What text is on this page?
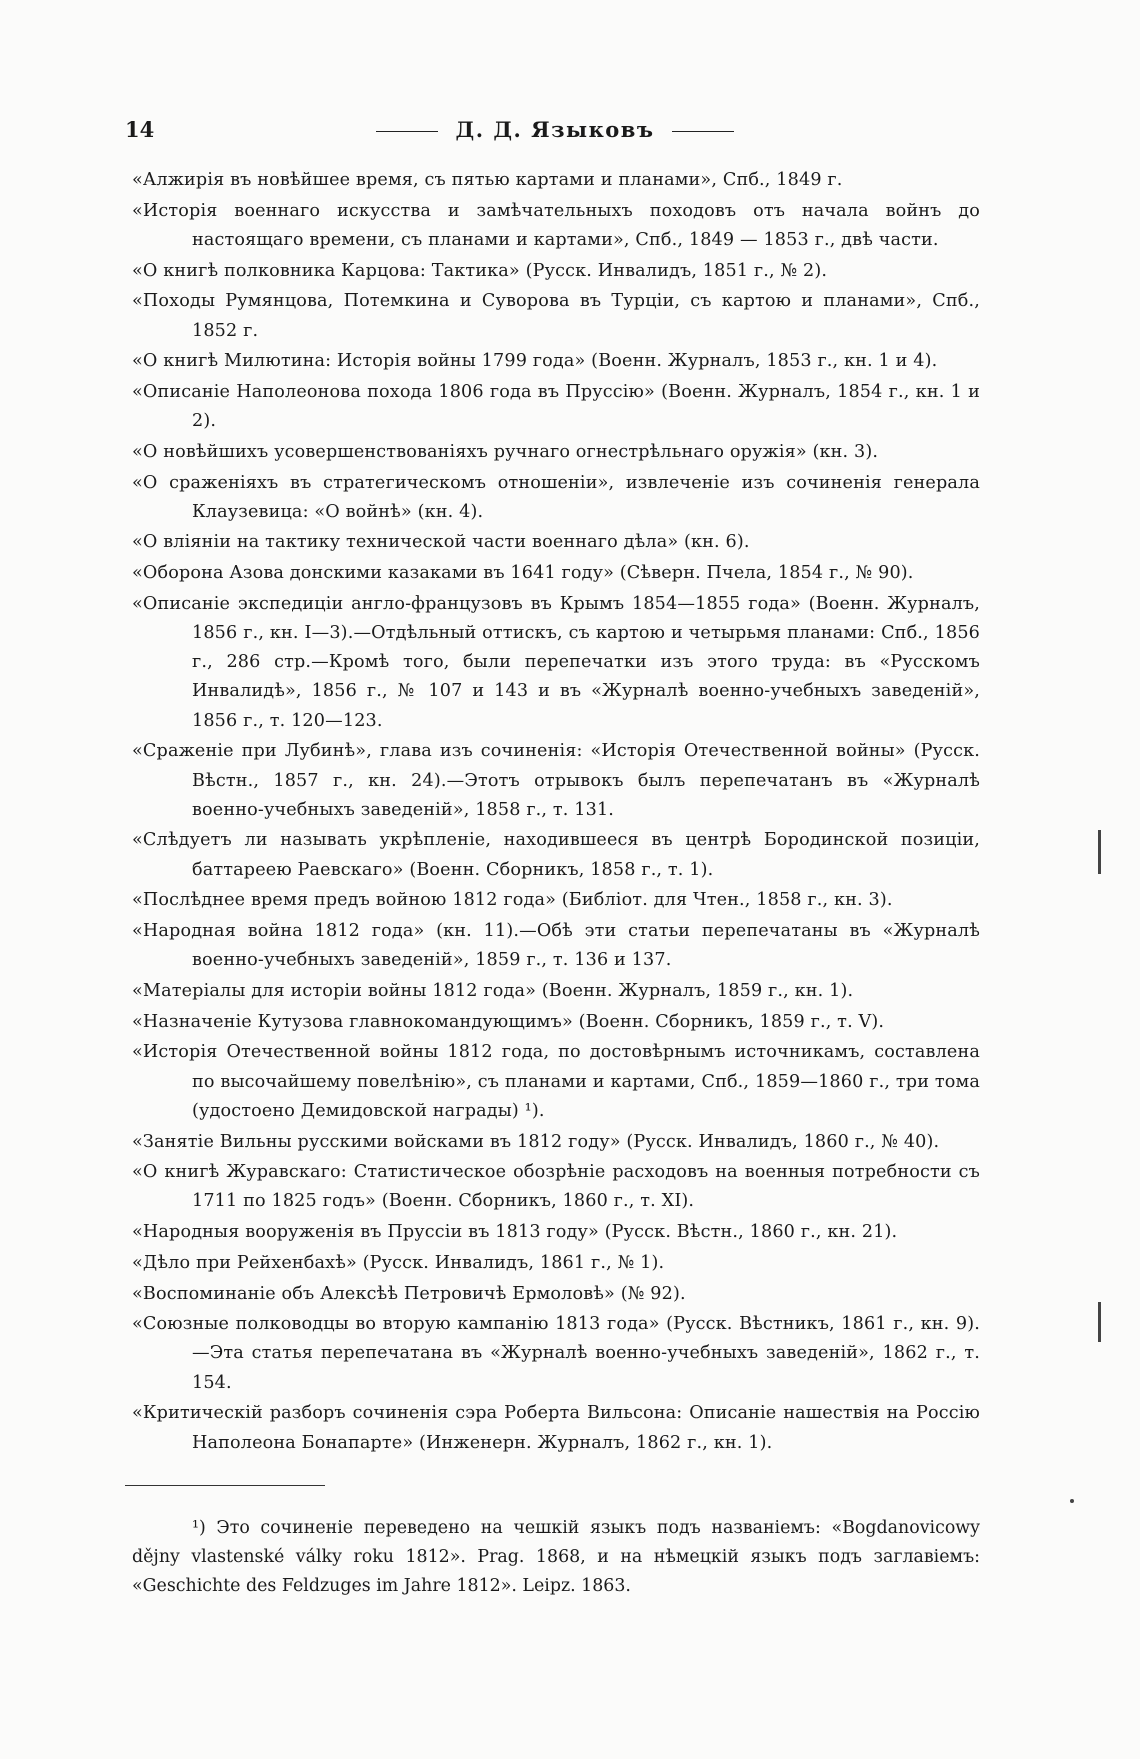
14	Д. Д. Языковъ

«Алжирія въ новѣйшее время, съ пятью картами и планами», Спб., 1849 г.

«Исторія военнаго искусства и замѣчательныхъ походовъ отъ начала войнъ до настоящаго времени, съ планами и картами», Спб., 1849 — 1853 г., двѣ части.

«О книгѣ полковника Карцова: Тактика» (Русск. Инвалидъ, 1851 г., № 2).

«Походы Румянцова, Потемкина и Суворова въ Турціи, съ картою и планами», Спб., 1852 г.

«О книгѣ Милютина: Исторія войны 1799 года» (Военн. Журналъ, 1853 г., кн. 1 и 4).

«Описаніе Наполеонова похода 1806 года въ Пруссію» (Военн. Журналъ, 1854 г., кн. 1 и 2).

«О новѣйшихъ усовершенствованіяхъ ручнаго огнестрѣльнаго оружія» (кн. 3).

«О сраженіяхъ въ стратегическомъ отношеніи», извлеченіе изъ сочиненія генерала Клаузевица: «О войнѣ» (кн. 4).

«О вліяніи на тактику технической части военнаго дѣла» (кн. 6).

«Оборона Азова донскими казаками въ 1641 году» (Сѣверн. Пчела, 1854 г., № 90).

«Описаніе экспедиціи англо-французовъ въ Крымъ 1854—1855 года» (Военн. Журналъ, 1856 г., кн. I—3).—Отдѣльный оттискъ, съ картою и четырьмя планами: Спб., 1856 г., 286 стр.—Кромѣ того, были перепечатки изъ этого труда: въ «Русскомъ Инвалидѣ», 1856 г., № 107 и 143 и въ «Журналѣ военно-учебныхъ заведеній», 1856 г., т. 120—123.

«Сраженіе при Лубинѣ», глава изъ сочиненія: «Исторія Отечественной войны» (Русск. Вѣстн., 1857 г., кн. 24).—Этотъ отрывокъ былъ перепечатанъ въ «Журналѣ военно-учебныхъ заведеній», 1858 г., т. 131.

«Слѣдуетъ ли называть укрѣпленіе, находившееся въ центрѣ Бородинской позиціи, баттареею Раевскаго» (Военн. Сборникъ, 1858 г., т. 1).

«Послѣднее время предъ войною 1812 года» (Библіот. для Чтен., 1858 г., кн. 3).

«Народная война 1812 года» (кн. 11).—Обѣ эти статьи перепечатаны въ «Журналѣ военно-учебныхъ заведеній», 1859 г., т. 136 и 137.

«Матеріалы для исторіи войны 1812 года» (Военн. Журналъ, 1859 г., кн. 1).

«Назначеніе Кутузова главнокомандующимъ» (Военн. Сборникъ, 1859 г., т. V).

«Исторія Отечественной войны 1812 года, по достовѣрнымъ источникамъ, составлена по высочайшему повелѣнію», съ планами и картами, Спб., 1859—1860 г., три тома (удостоено Демидовской награды) ¹).

«Занятіе Вильны русскими войсками въ 1812 году» (Русск. Инвалидъ, 1860 г., № 40).

«О книгѣ Журавскаго: Статистическое обозрѣніе расходовъ на военныя потребности съ 1711 по 1825 годъ» (Военн. Сборникъ, 1860 г., т. XI).

«Народныя вооруженія въ Пруссіи въ 1813 году» (Русск. Вѣстн., 1860 г., кн. 21).

«Дѣло при Рейхенбахѣ» (Русск. Инвалидъ, 1861 г., № 1).

«Воспоминаніе объ Алексѣѣ Петровичѣ Ермоловѣ» (№ 92).

«Союзные полководцы во вторую кампанію 1813 года» (Русск. Вѣстникъ, 1861 г., кн. 9).—Эта статья перепечатана въ «Журналѣ военно-учебныхъ заведеній», 1862 г., т. 154.

«Критическій разборъ сочиненія сэра Роберта Вильсона: Описаніе нашествія на Россію Наполеона Бонапарте» (Инженерн. Журналъ, 1862 г., кн. 1).

¹) Это сочиненіе переведено на чешкій языкъ подъ названіемъ: «Bogdanovicowy dějny vlastenské války roku 1812». Prag. 1868, и на нѣмецкій языкъ подъ заглавіемъ: «Geschichte des Feldzuges im Jahre 1812». Leipz. 1863.
